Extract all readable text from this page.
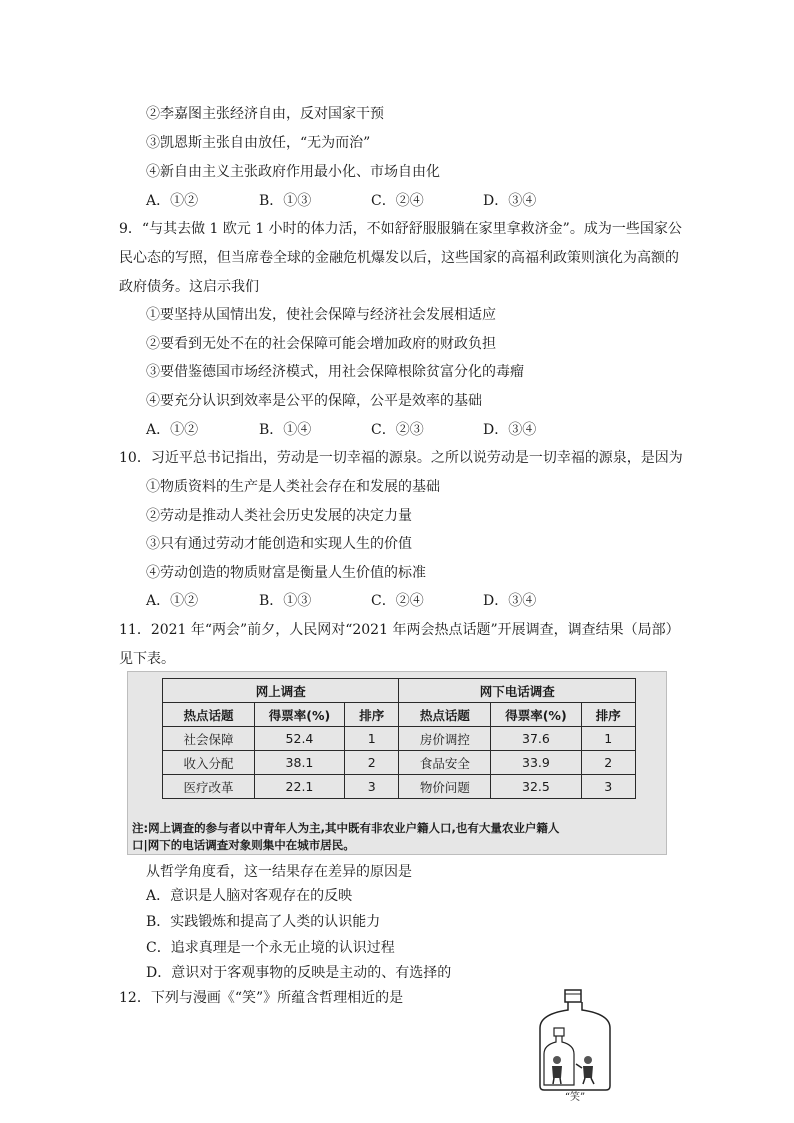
②李嘉图主张经济自由，反对国家干预
③凯恩斯主张自由放任，“无为而治”
④新自由主义主张政府作用最小化、市场自由化
A．①②	B．①③	C．②④	D．③④
9．“与其去做 1 欧元 1 小时的体力活，不如舒舒服服躺在家里拿救济金”。成为一些国家公
民心态的写照，但当席卷全球的金融危机爆发以后，这些国家的高福利政策则演化为高额的
政府债务。这启示我们
①要坚持从国情出发，使社会保障与经济社会发展相适应
②要看到无处不在的社会保障可能会增加政府的财政负担
③要借鉴德国市场经济模式，用社会保障根除贫富分化的毒瘤
④要充分认识到效率是公平的保障，公平是效率的基础
A．①②	B．①④	C．②③	D．③④
10．习近平总书记指出，劳动是一切幸福的源泉。之所以说劳动是一切幸福的源泉，是因为
①物质资料的生产是人类社会存在和发展的基础
②劳动是推动人类社会历史发展的决定力量
③只有通过劳动才能创造和实现人生的价值
④劳动创造的物质财富是衡量人生价值的标准
A．①②	B．①③	C．②④	D．③④
11．2021 年“两会”前夕，人民网对“2021 年两会热点话题”开展调查，调查结果（局部）
见下表。
网上调查			网下电话调查		
热点话题	得票率(%)	排序	热点话题	得票率(%)	排序
社会保障	52.4	1	房价调控	37.6	1
收入分配	38.1	2	食品安全	33.9	2
医疗改革	22.1	3	物价问题	32.5	3
注:网上调查的参与者以中青年人为主,其中既有非农业户籍人口,也有大量农业户籍人
口|网下的电话调查对象则集中在城市居民。
从哲学角度看，这一结果存在差异的原因是
A．意识是人脑对客观存在的反映
B．实践锻炼和提高了人类的认识能力
C．追求真理是一个永无止境的认识过程
D．意识对于客观事物的反映是主动的、有选择的
12．下列与漫画《“笑”》所蕴含哲理相近的是
“笑”
